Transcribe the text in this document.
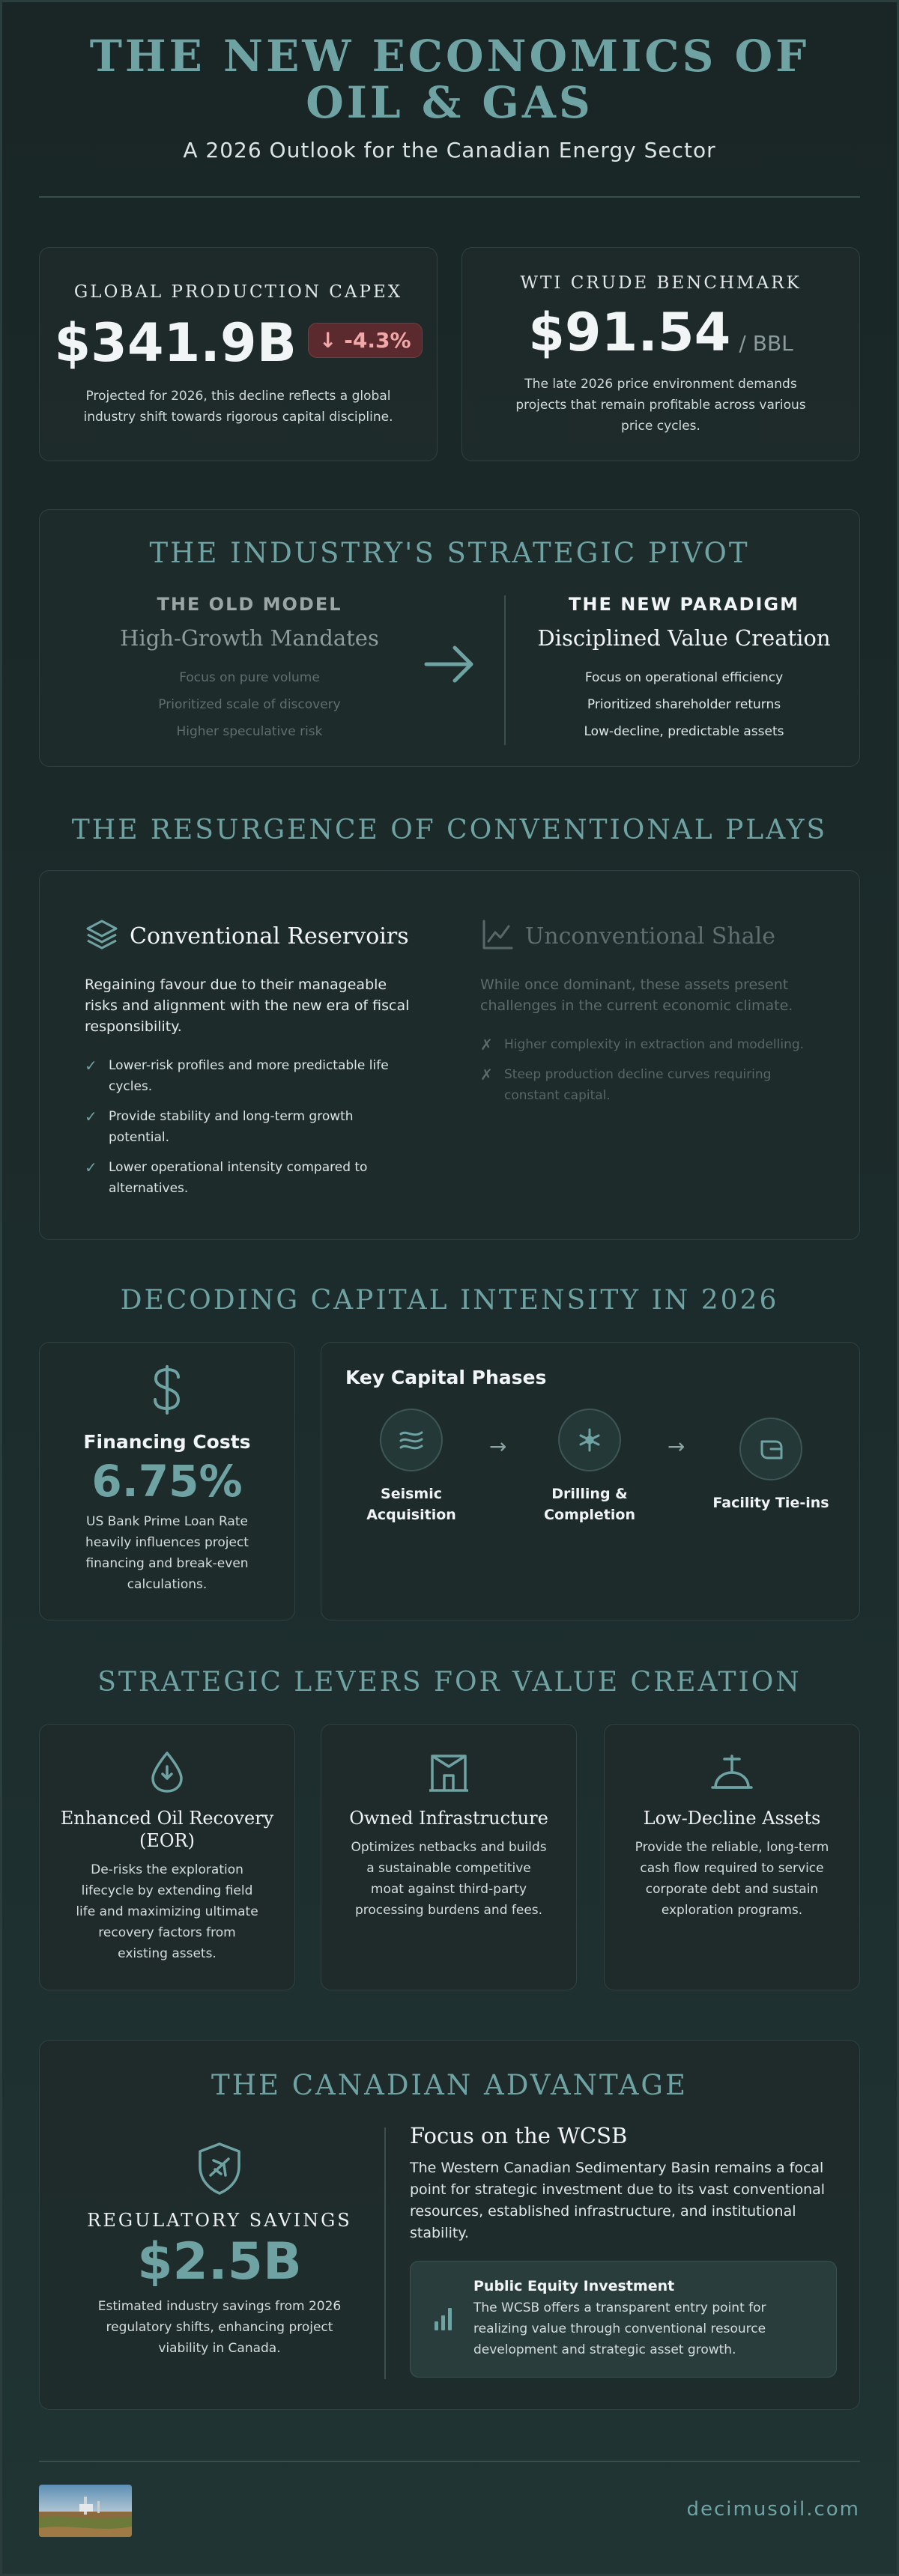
THE NEW ECONOMICS OF
OIL & GAS
A 2026 Outlook for the Canadian Energy Sector
GLOBAL PRODUCTION CAPEX
$341.9B ↓ -4.3%
Projected for 2026, this decline reflects a global industry shift towards rigorous capital discipline.
WTI CRUDE BENCHMARK
$91.54 / BBL
The late 2026 price environment demands projects that remain profitable across various price cycles.
THE INDUSTRY'S STRATEGIC PIVOT
THE OLD MODEL
High-Growth Mandates
Focus on pure volume
Prioritized scale of discovery
Higher speculative risk
THE NEW PARADIGM
Disciplined Value Creation
Focus on operational efficiency
Prioritized shareholder returns
Low-decline, predictable assets
THE RESURGENCE OF CONVENTIONAL PLAYS
Conventional Reservoirs
Regaining favour due to their manageable risks and alignment with the new era of fiscal responsibility.
✓ Lower-risk profiles and more predictable life cycles.
✓ Provide stability and long-term growth potential.
✓ Lower operational intensity compared to alternatives.
Unconventional Shale
While once dominant, these assets present challenges in the current economic climate.
✗ Higher complexity in extraction and modelling.
✗ Steep production decline curves requiring constant capital.
DECODING CAPITAL INTENSITY IN 2026
Financing Costs
6.75%
US Bank Prime Loan Rate heavily influences project financing and break-even calculations.
Key Capital Phases
Seismic
Acquisition
→
Drilling &
Completion
→
Facility Tie-ins
STRATEGIC LEVERS FOR VALUE CREATION
Enhanced Oil Recovery
(EOR)
De-risks the exploration lifecycle by extending field life and maximizing ultimate recovery factors from existing assets.
Owned Infrastructure
Optimizes netbacks and builds a sustainable competitive moat against third-party processing burdens and fees.
Low-Decline Assets
Provide the reliable, long-term cash flow required to service corporate debt and sustain exploration programs.
THE CANADIAN ADVANTAGE
REGULATORY SAVINGS
$2.5B
Estimated industry savings from 2026 regulatory shifts, enhancing project viability in Canada.
Focus on the WCSB
The Western Canadian Sedimentary Basin remains a focal point for strategic investment due to its vast conventional resources, established infrastructure, and institutional stability.
Public Equity Investment
The WCSB offers a transparent entry point for realizing value through conventional resource development and strategic asset growth.
decimusoil.com
